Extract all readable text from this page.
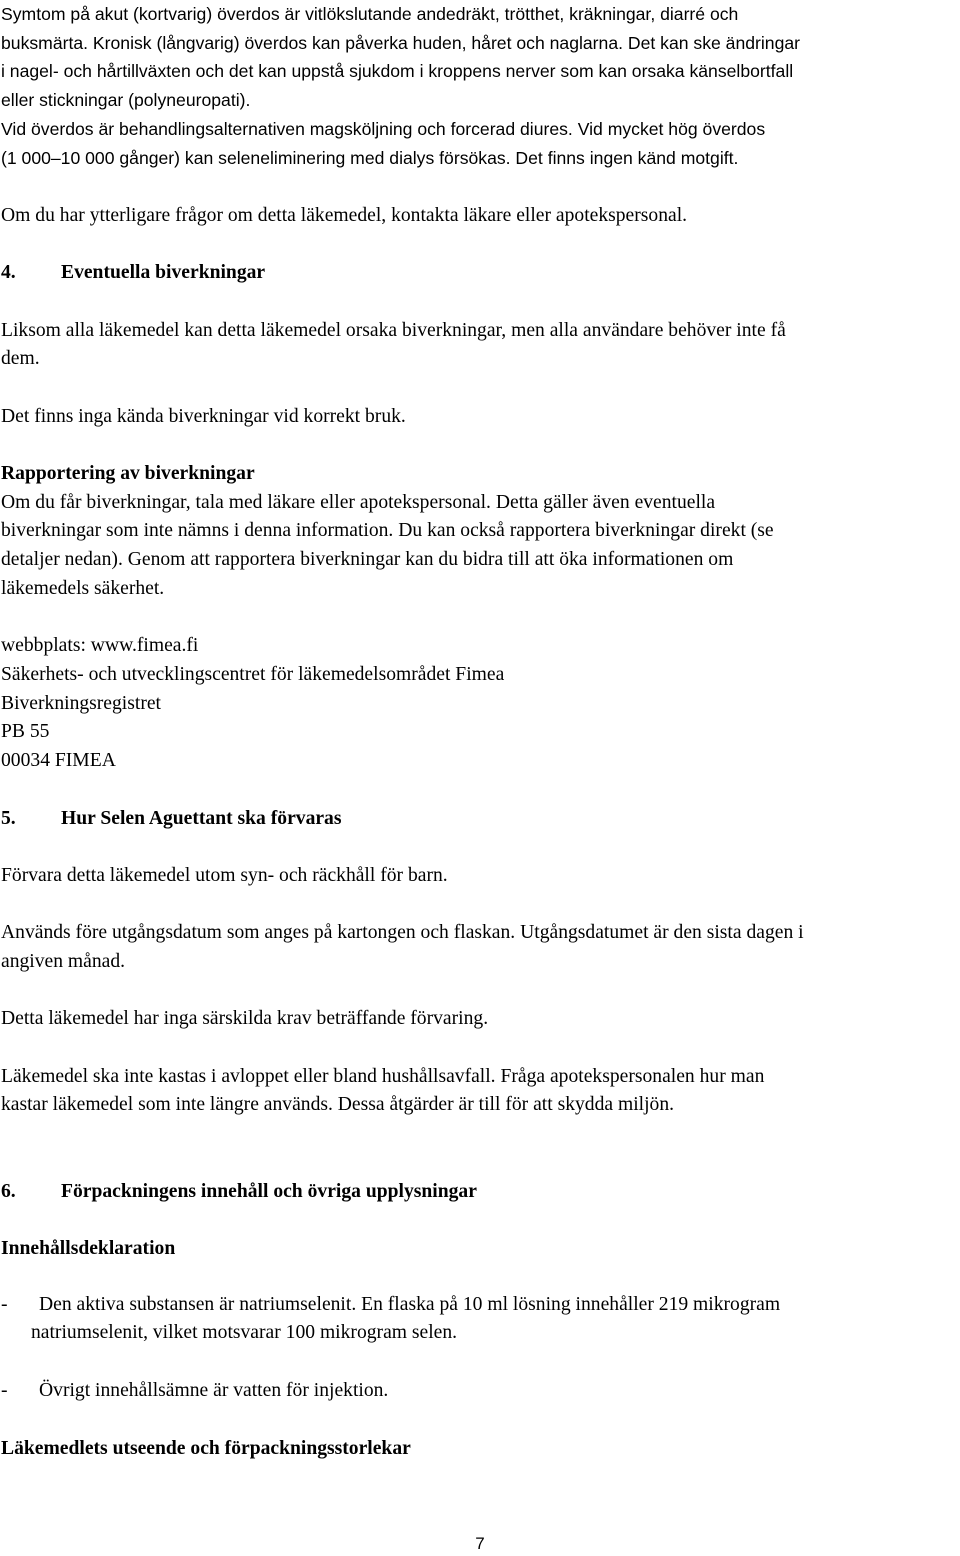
Symtom på akut (kortvarig) överdos är vitlökslutande andedräkt, trötthet, kräkningar, diarré och
buksmärta. Kronisk (långvarig) överdos kan påverka huden, håret och naglarna. Det kan ske ändringar
i nagel- och hårtillväxten och det kan uppstå sjukdom i kroppens nerver som kan orsaka känselbortfall
eller stickningar (polyneuropati).
Vid överdos är behandlingsalternativen magsköljning och forcerad diures. Vid mycket hög överdos
(1 000–10 000 gånger) kan seleneliminering med dialys försökas. Det finns ingen känd motgift.
Om du har ytterligare frågor om detta läkemedel, kontakta läkare eller apotekspersonal.
4. Eventuella biverkningar
Liksom alla läkemedel kan detta läkemedel orsaka biverkningar, men alla användare behöver inte få
dem.
Det finns inga kända biverkningar vid korrekt bruk.
Rapportering av biverkningar
Om du får biverkningar, tala med läkare eller apotekspersonal. Detta gäller även eventuella
biverkningar som inte nämns i denna information. Du kan också rapportera biverkningar direkt (se
detaljer nedan). Genom att rapportera biverkningar kan du bidra till att öka informationen om
läkemedels säkerhet.
webbplats: www.fimea.fi
Säkerhets- och utvecklingscentret för läkemedelsområdet Fimea
Biverkningsregistret
PB 55
00034 FIMEA
5. Hur Selen Aguettant ska förvaras
Förvara detta läkemedel utom syn- och räckhåll för barn.
Används före utgångsdatum som anges på kartongen och flaskan. Utgångsdatumet är den sista dagen i
angiven månad.
Detta läkemedel har inga särskilda krav beträffande förvaring.
Läkemedel ska inte kastas i avloppet eller bland hushållsavfall. Fråga apotekspersonalen hur man
kastar läkemedel som inte längre används. Dessa åtgärder är till för att skydda miljön.
6. Förpackningens innehåll och övriga upplysningar
Innehållsdeklaration
- Den aktiva substansen är natriumselenit. En flaska på 10 ml lösning innehåller 219 mikrogram
natriumselenit, vilket motsvarar 100 mikrogram selen.
- Övrigt innehållsämne är vatten för injektion.
Läkemedlets utseende och förpackningsstorlekar
7
